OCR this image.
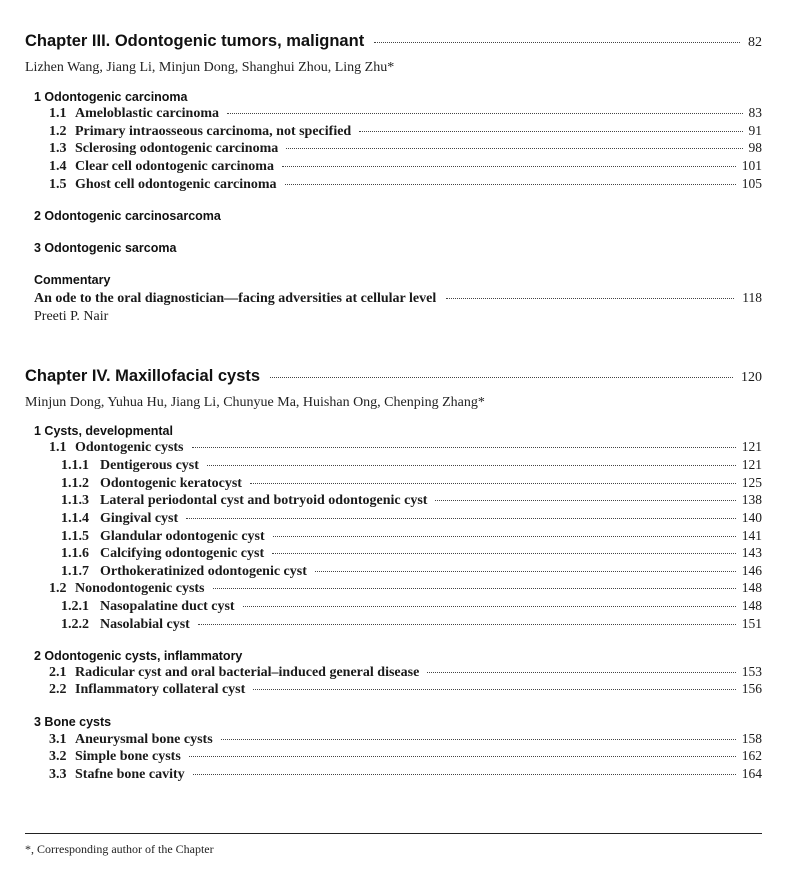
Chapter III. Odontogenic tumors, malignant	82
Lizhen Wang, Jiang Li, Minjun Dong, Shanghui Zhou, Ling Zhu*
1 Odontogenic carcinoma
1.1 Ameloblastic carcinoma	83
1.2 Primary intraosseous carcinoma, not specified	91
1.3 Sclerosing odontogenic carcinoma	98
1.4 Clear cell odontogenic carcinoma	101
1.5 Ghost cell odontogenic carcinoma	105
2 Odontogenic carcinosarcoma
3 Odontogenic sarcoma
Commentary
An ode to the oral diagnostician—facing adversities at cellular level	118
Preeti P. Nair
Chapter IV. Maxillofacial cysts	120
Minjun Dong, Yuhua Hu, Jiang Li, Chunyue Ma, Huishan Ong, Chenping Zhang*
1 Cysts, developmental
1.1 Odontogenic cysts	121
1.1.1 Dentigerous cyst	121
1.1.2 Odontogenic keratocyst	125
1.1.3 Lateral periodontal cyst and botryoid odontogenic cyst	138
1.1.4 Gingival cyst	140
1.1.5 Glandular odontogenic cyst	141
1.1.6 Calcifying odontogenic cyst	143
1.1.7 Orthokeratinized odontogenic cyst	146
1.2 Nonodontogenic cysts	148
1.2.1 Nasopalatine duct cyst	148
1.2.2 Nasolabial cyst	151
2 Odontogenic cysts, inflammatory
2.1 Radicular cyst and oral bacterial–induced general disease	153
2.2 Inflammatory collateral cyst	156
3 Bone cysts
3.1 Aneurysmal bone cysts	158
3.2 Simple bone cysts	162
3.3 Stafne bone cavity	164
*, Corresponding author of the Chapter
